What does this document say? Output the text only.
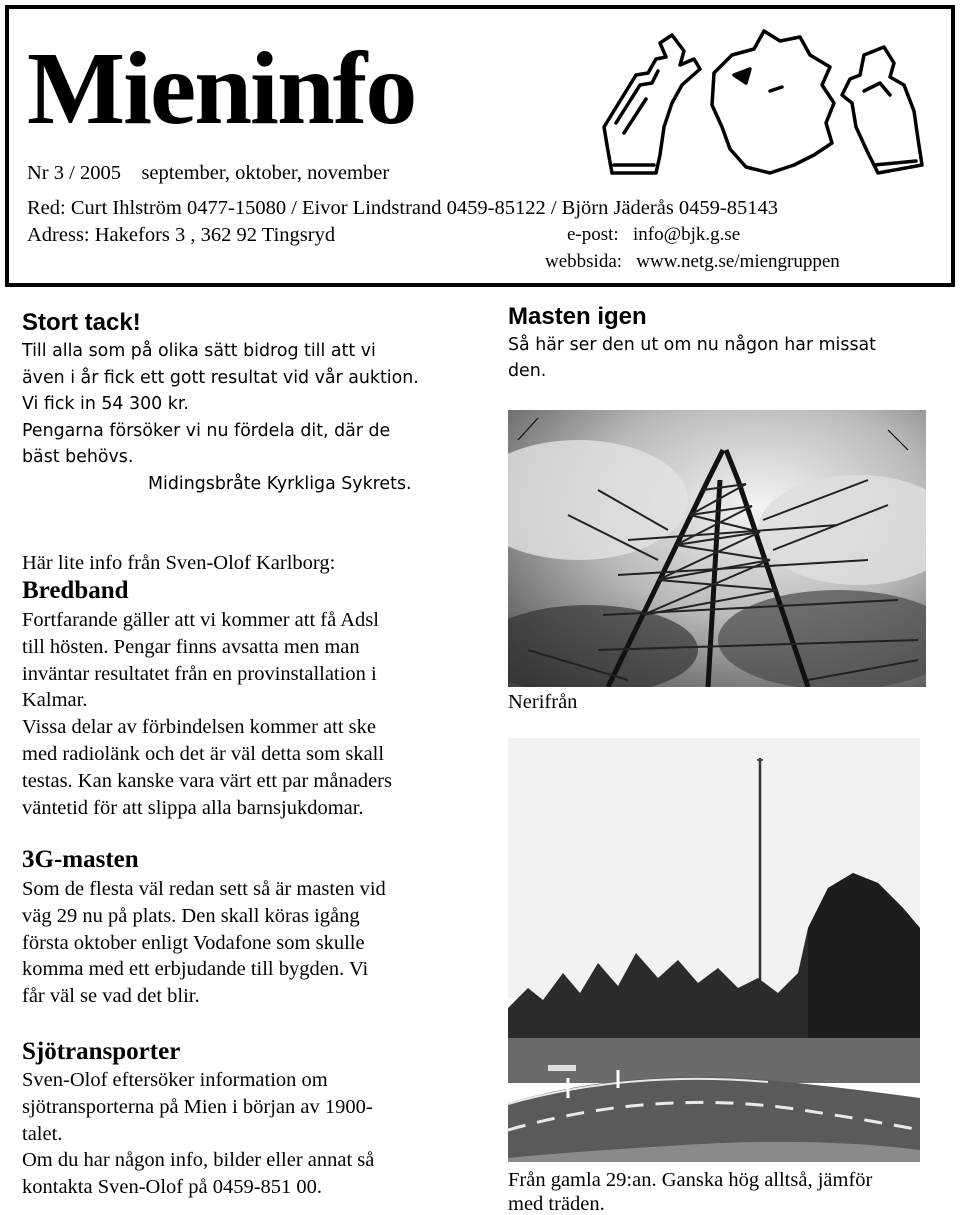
Mieninfo
Nr 3 / 2005 september, oktober, november
Red: Curt Ihlström 0477-15080 / Eivor Lindstrand 0459-85122 / Björn Jäderås 0459-85143
Adress: Hakefors 3 , 362 92 Tingsryd	e-post: info@bjk.g.se
webbsida: www.netg.se/miengruppen
Stort tack!
Till alla som på olika sätt bidrog till att vi
även i år fick ett gott resultat vid vår auktion.
Vi fick in 54 300 kr.
Pengarna försöker vi nu fördela dit, där de
bäst behövs.
Midingsbråte Kyrkliga Sykrets.
Masten igen
Så här ser den ut om nu någon har missat
den.
Nerifrån
Från gamla 29:an. Ganska hög alltså, jämför
med träden.
Här lite info från Sven-Olof Karlborg:
Bredband
Fortfarande gäller att vi kommer att få Adsl
till hösten. Pengar finns avsatta men man
inväntar resultatet från en provinstallation i
Kalmar.
Vissa delar av förbindelsen kommer att ske
med radiolänk och det är väl detta som skall
testas. Kan kanske vara värt ett par månaders
väntetid för att slippa alla barnsjukdomar.
3G-masten
Som de flesta väl redan sett så är masten vid
väg 29 nu på plats. Den skall köras igång
första oktober enligt Vodafone som skulle
komma med ett erbjudande till bygden. Vi
får väl se vad det blir.
Sjötransporter
Sven-Olof eftersöker information om
sjötransporterna på Mien i början av 1900-
talet.
Om du har någon info, bilder eller annat så
kontakta Sven-Olof på 0459-851 00.
